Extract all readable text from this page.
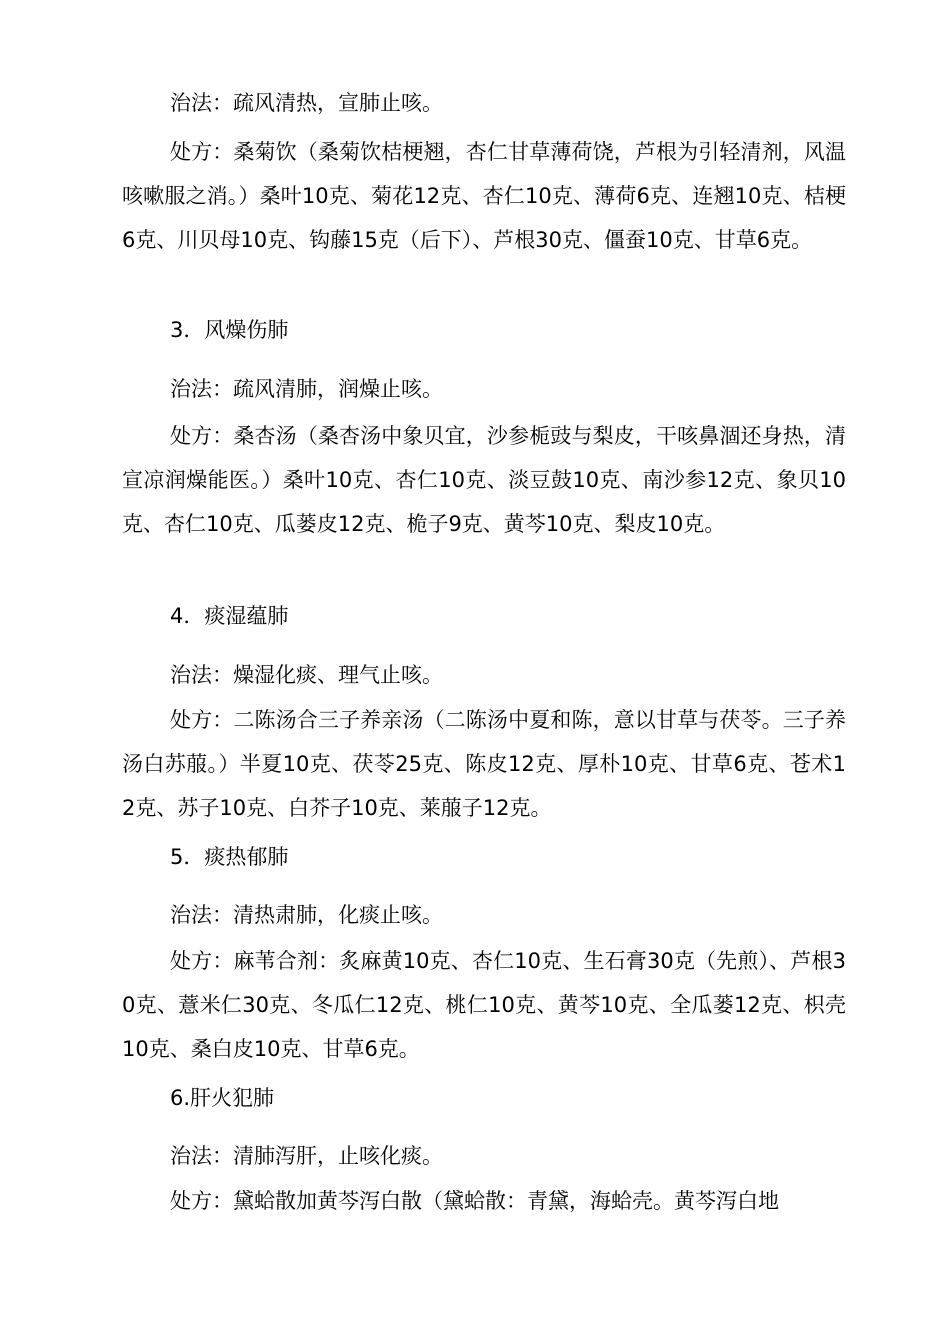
治法：疏风清热，宣肺止咳。

处方：桑菊饮（桑菊饮桔梗翘，杏仁甘草薄荷饶，芦根为引轻清剂，风温咳嗽服之消。）桑叶10克、菊花12克、杏仁10克、薄荷6克、连翘10克、桔梗6克、川贝母10克、钩藤15克（后下）、芦根30克、僵蚕10克、甘草6克。

3．风燥伤肺

治法：疏风清肺，润燥止咳。

处方：桑杏汤（桑杏汤中象贝宜，沙参栀豉与梨皮，干咳鼻涸还身热，清宣凉润燥能医。）桑叶10克、杏仁10克、淡豆鼓10克、南沙参12克、象贝10克、杏仁10克、瓜蒌皮12克、桅子9克、黄芩10克、梨皮10克。

4．痰湿蕴肺

治法：燥湿化痰、理气止咳。

处方：二陈汤合三子养亲汤（二陈汤中夏和陈，意以甘草与茯苓。三子养汤白苏菔。）半夏10克、茯苓25克、陈皮12克、厚朴10克、甘草6克、苍术12克、苏子10克、白芥子10克、莱菔子12克。

5．痰热郁肺

治法：清热肃肺，化痰止咳。

处方：麻苇合剂：炙麻黄10克、杏仁10克、生石膏30克（先煎）、芦根30克、薏米仁30克、冬瓜仁12克、桃仁10克、黄芩10克、全瓜蒌12克、枳壳10克、桑白皮10克、甘草6克。

6.肝火犯肺

治法：清肺泻肝，止咳化痰。

处方：黛蛤散加黄芩泻白散（黛蛤散：青黛，海蛤壳。黄芩泻白地
